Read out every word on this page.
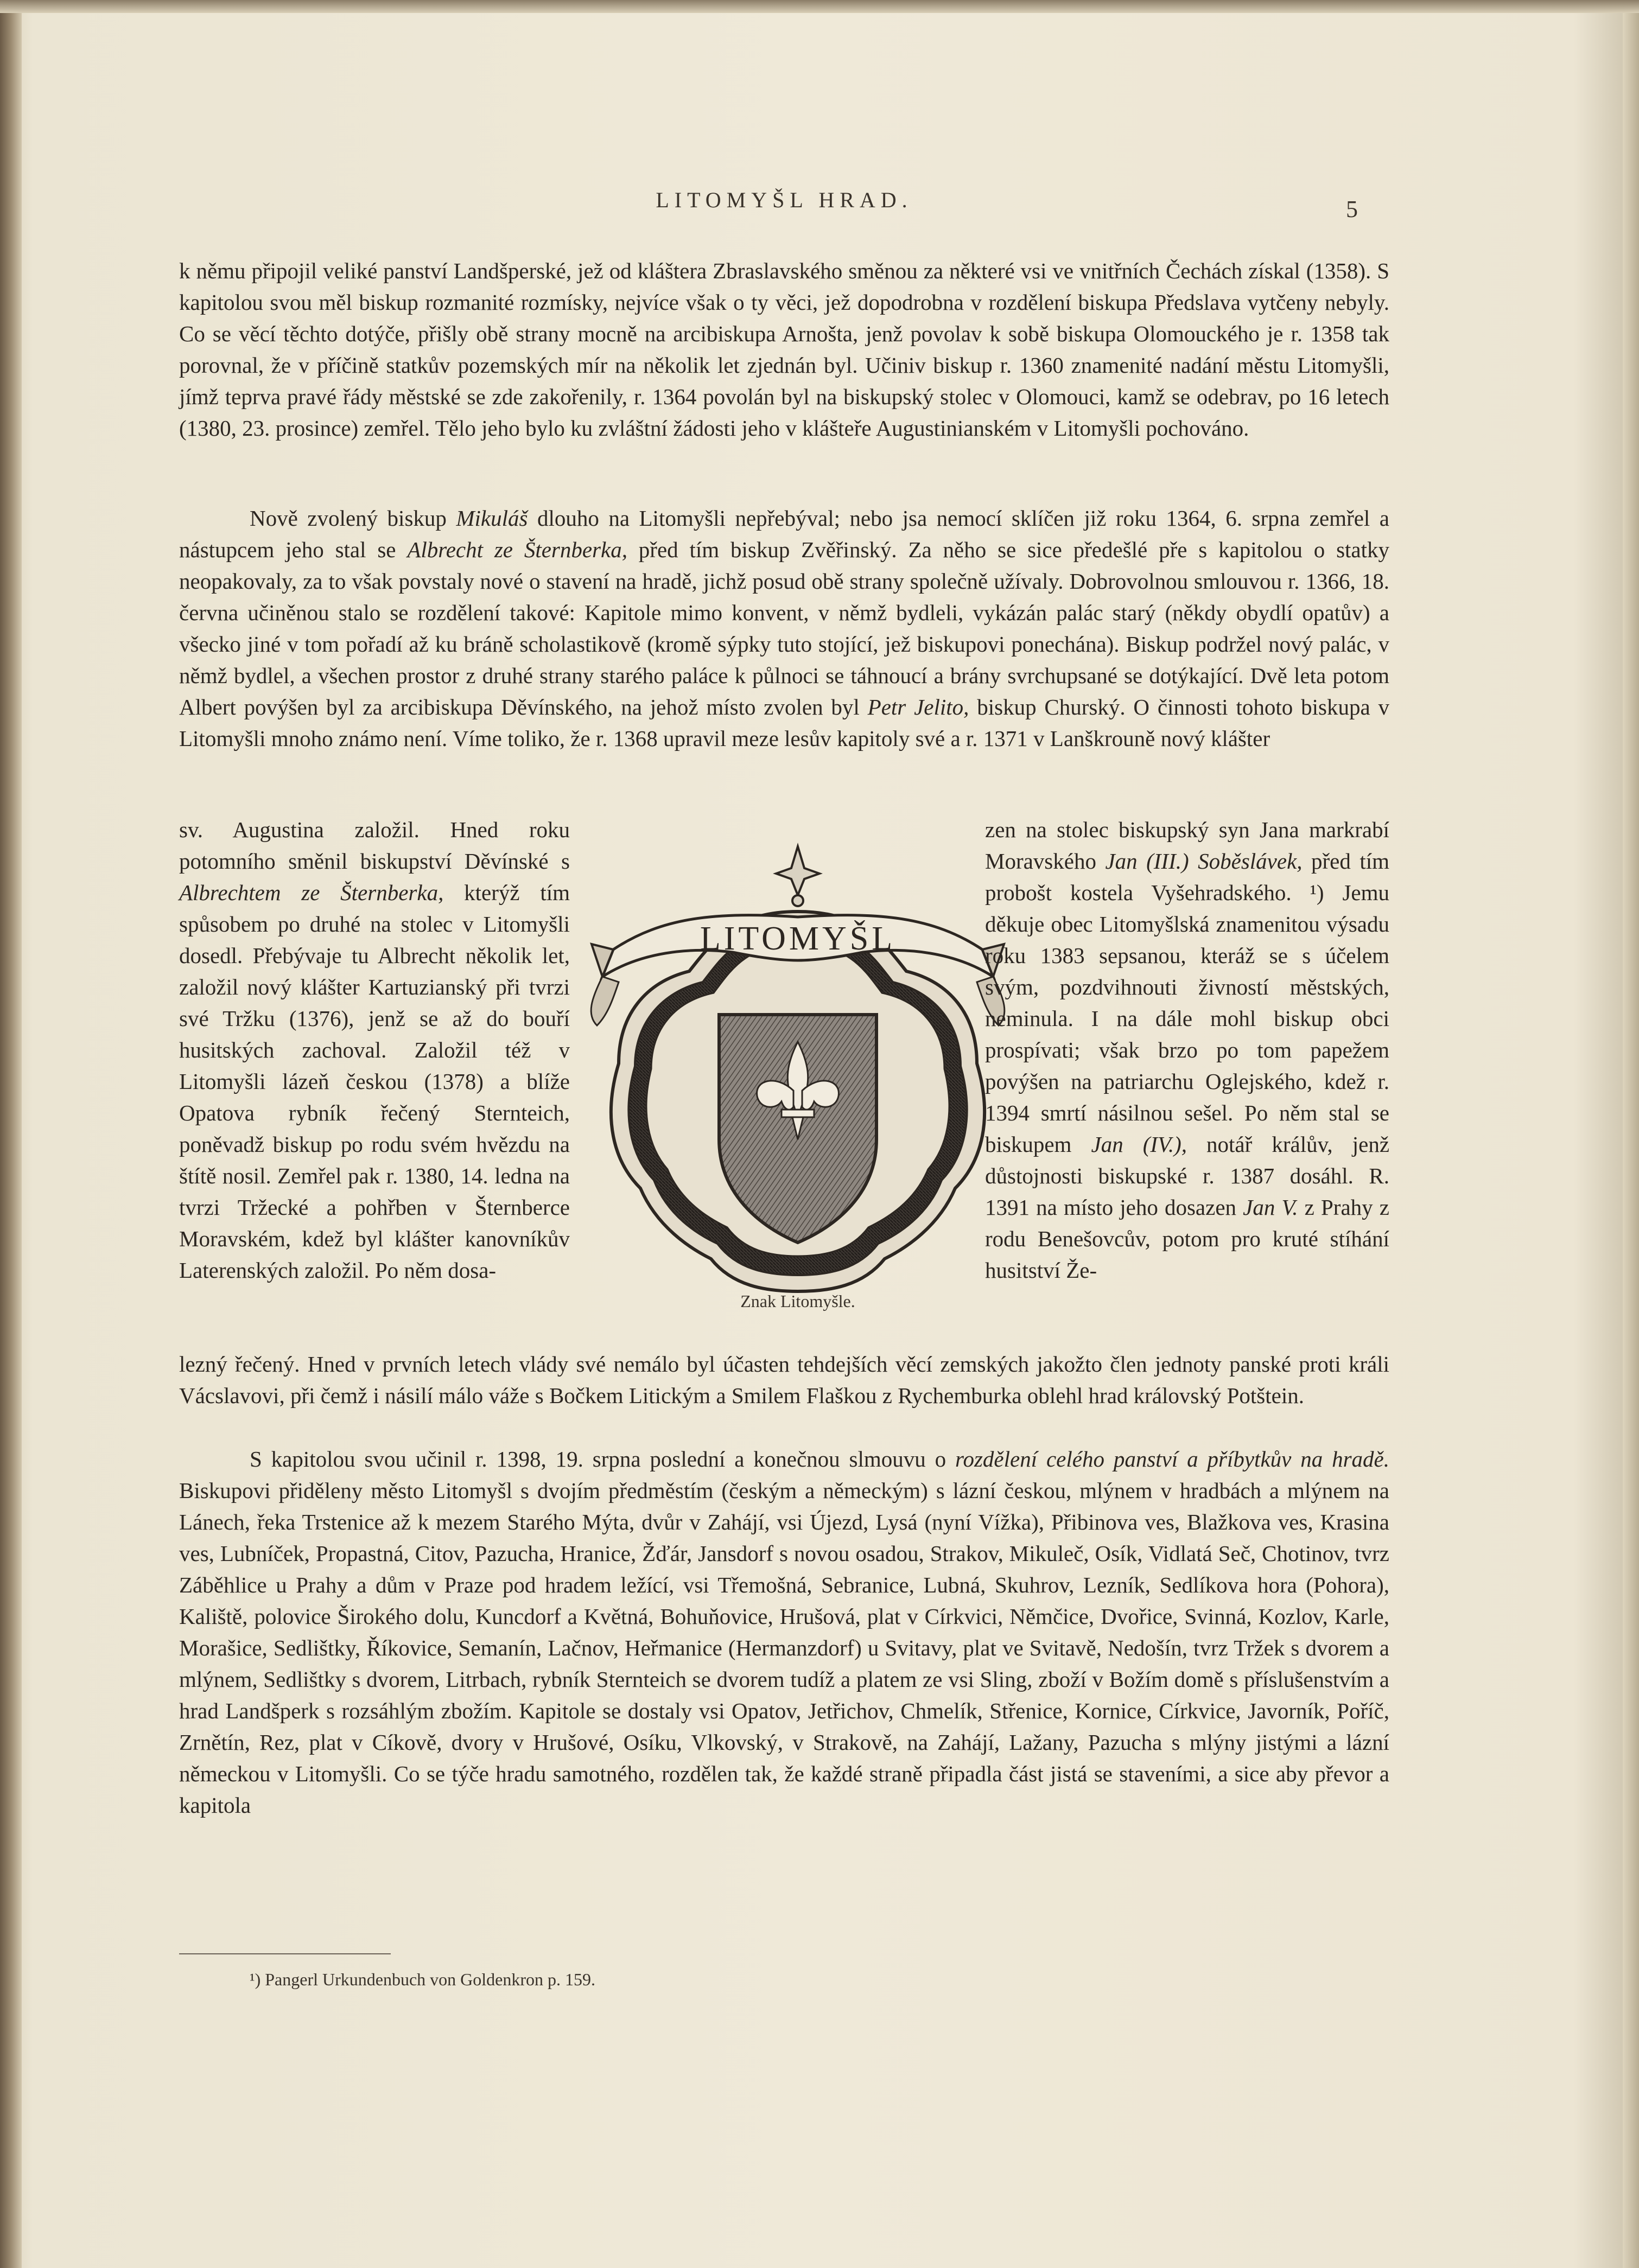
LITOMYŠL HRAD.	5

k němu připojil veliké panství Landšperské, jež od kláštera Zbraslavského směnou za některé vsi ve vnitřních Čechách získal (1358). S kapitolou svou měl biskup rozmanité rozmísky, nejvíce však o ty věci, jež dopodrobna v rozdělení biskupa Předslava vytčeny nebyly. Co se věcí těchto dotýče, přišly obě strany mocně na arcibiskupa Arnošta, jenž povolav k sobě biskupa Olomouckého je r. 1358 tak porovnal, že v příčině statkův pozemských mír na několik let zjednán byl. Učiniv biskup r. 1360 znamenité nadání městu Litomyšli, jímž teprva pravé řády městské se zde zakořenily, r. 1364 povolán byl na biskupský stolec v Olomouci, kamž se odebrav, po 16 letech (1380, 23. prosince) zemřel. Tělo jeho bylo ku zvláštní žádosti jeho v klášteře Augustinianském v Litomyšli pochováno.

Nově zvolený biskup Mikuláš dlouho na Litomyšli nepřebýval; nebo jsa nemocí sklíčen již roku 1364, 6. srpna zemřel a nástupcem jeho stal se Albrecht ze Šternberka, před tím biskup Zvěřinský. Za něho se sice předešlé pře s kapitolou o statky neopakovaly, za to však povstaly nové o stavení na hradě, jichž posud obě strany společně užívaly. Dobrovolnou smlouvou r. 1366, 18. června učiněnou stalo se rozdělení takové: Kapitole mimo konvent, v němž bydleli, vykázán palác starý (někdy obydlí opatův) a všecko jiné v tom pořadí až ku bráně scholastikově (kromě sýpky tuto stojící, jež biskupovi ponechána). Biskup podržel nový palác, v němž bydlel, a všechen prostor z druhé strany starého paláce k půlnoci se táhnoucí a brány svrchupsané se dotýkající. Dvě leta potom Albert povýšen byl za arcibiskupa Děvínského, na jehož místo zvolen byl Petr Jelito, biskup Churský. O činnosti tohoto biskupa v Litomyšli mnoho známo není. Víme toliko, že r. 1368 upravil meze lesův kapitoly své a r. 1371 v Lanškrouně nový klášter

sv. Augustina založil. Hned roku potomního směnil biskupství Děvínské s Albrechtem ze Šternberka, kterýž tím spůsobem po druhé na stolec v Litomyšli dosedl. Přebývaje tu Albrecht několik let, založil nový klášter Kartuzianský při tvrzi své Tržku (1376), jenž se až do bouří husitských zachoval. Založil též v Litomyšli lázeň českou (1378) a blíže Opatova rybník řečený Sternteich, poněvadž biskup po rodu svém hvězdu na štítě nosil. Zemřel pak r. 1380, 14. ledna na tvrzi Tržecké a pohřben v Šternberce Moravském, kdež byl klášter kanovníkův Laterenských založil. Po něm dosa-

LITOMYŠL
Znak Litomyšle.

zen na stolec biskupský syn Jana markrabí Moravského Jan (III.) Soběslávek, před tím probošt kostela Vyšehradského. ¹) Jemu děkuje obec Litomyšlská znamenitou výsadu roku 1383 sepsanou, kteráž se s účelem svým, pozdvihnouti živností městských, neminula. I na dále mohl biskup obci prospívati; však brzo po tom papežem povýšen na patriarchu Oglejského, kdež r. 1394 smrtí násilnou sešel. Po něm stal se biskupem Jan (IV.), notář králův, jenž důstojnosti biskupské r. 1387 dosáhl. R. 1391 na místo jeho dosazen Jan V. z Prahy z rodu Benešovcův, potom pro kruté stíhání husitství Že-

lezný řečený. Hned v prvních letech vlády své nemálo byl účasten tehdejších věcí zemských jakožto člen jednoty panské proti králi Vácslavovi, při čemž i násilí málo váže s Bočkem Litickým a Smilem Flaškou z Rychemburka oblehl hrad královský Potštein.

S kapitolou svou učinil r. 1398, 19. srpna poslední a konečnou slmouvu o rozdělení celého panství a příbytkův na hradě. Biskupovi přiděleny město Litomyšl s dvojím předměstím (českým a německým) s lázní českou, mlýnem v hradbách a mlýnem na Lánech, řeka Trstenice až k mezem Starého Mýta, dvůr v Zahájí, vsi Újezd, Lysá (nyní Vížka), Přibinova ves, Blažkova ves, Krasina ves, Lubníček, Propastná, Citov, Pazucha, Hranice, Žďár, Jansdorf s novou osadou, Strakov, Mikuleč, Osík, Vidlatá Seč, Chotinov, tvrz Záběhlice u Prahy a dům v Praze pod hradem ležící, vsi Třemošná, Sebranice, Lubná, Skuhrov, Lezník, Sedlíkova hora (Pohora), Kaliště, polovice Širokého dolu, Kuncdorf a Květná, Bohuňovice, Hrušová, plat v Církvici, Němčice, Dvořice, Svinná, Kozlov, Karle, Morašice, Sedlištky, Říkovice, Semanín, Lačnov, Heřmanice (Hermanzdorf) u Svitavy, plat ve Svitavě, Nedošín, tvrz Tržek s dvorem a mlýnem, Sedlištky s dvorem, Litrbach, rybník Sternteich se dvorem tudíž a platem ze vsi Sling, zboží v Božím domě s příslušenstvím a hrad Landšperk s rozsáhlým zbožím. Kapitole se dostaly vsi Opatov, Jetřichov, Chmelík, Střenice, Kornice, Církvice, Javorník, Poříč, Zrnětín, Rez, plat v Cíkově, dvory v Hrušové, Osíku, Vlkovský, v Strakově, na Zahájí, Lažany, Pazucha s mlýny jistými a lázní německou v Litomyšli. Co se týče hradu samotného, rozdělen tak, že každé straně připadla část jistá se staveními, a sice aby převor a kapitola

¹) Pangerl Urkundenbuch von Goldenkron p. 159.
